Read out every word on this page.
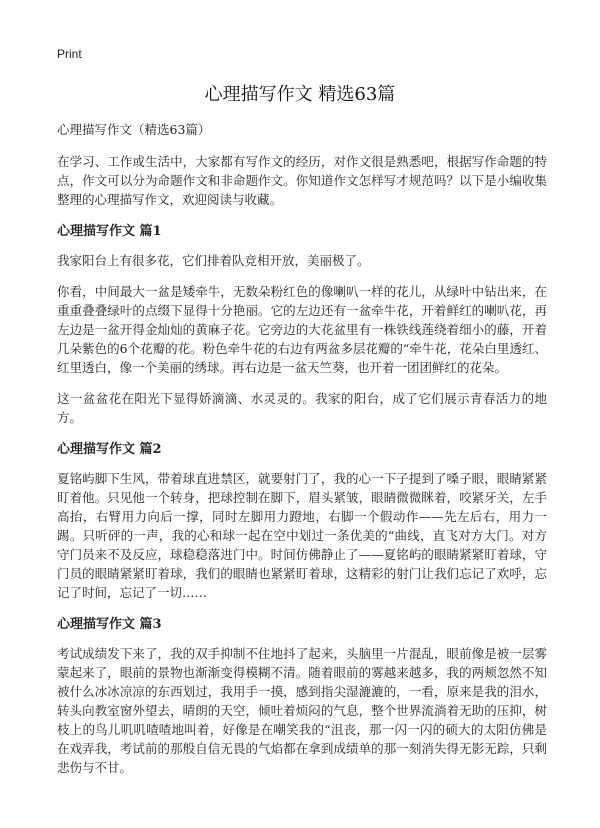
Print
心理描写作文 精选63篇
心理描写作文（精选63篇）

在学习、工作或生活中，大家都有写作文的经历，对作文很是熟悉吧，根据写作命题的特点，作文可以分为命题作文和非命题作文。你知道作文怎样写才规范吗？以下是小编收集整理的心理描写作文，欢迎阅读与收藏。

心理描写作文 篇1

我家阳台上有很多花，它们排着队竞相开放，美丽极了。

你看，中间最大一盆是矮牵牛，无数朵粉红色的像喇叭一样的花儿，从绿叶中钻出来，在重重叠叠绿叶的点缀下显得十分艳丽。它的左边还有一盆牵牛花，开着鲜红的喇叭花，再左边是一盆开得金灿灿的黄麻子花。它旁边的大花盆里有一株铁线莲绕着细小的藤，开着几朵紫色的6个花瓣的花。粉色牵牛花的右边有两盆多层花瓣的“牵牛花，花朵白里透红、红里透白，像一个美丽的绣球。再右边是一盆天竺葵，也开着一团团鲜红的花朵。

这一盆盆花在阳光下显得娇滴滴、水灵灵的。我家的阳台，成了它们展示青春活力的地方。

心理描写作文 篇2

夏铭屿脚下生风，带着球直进禁区，就要射门了，我的心一下子提到了嗓子眼，眼睛紧紧盯着他。只见他一个转身，把球控制在脚下，眉头紧皱，眼睛微微眯着，咬紧牙关，左手高抬，右臂用力向后一撑，同时左脚用力蹬地，右脚一个假动作——先左后右，用力一踢。只听砰的一声，我的心和球一起在空中划过一条优美的“曲线，直飞对方大门。对方守门员来不及反应，球稳稳落进门中。时间仿佛静止了——夏铭屿的眼睛紧紧盯着球，守门员的眼睛紧紧盯着球，我们的眼睛也紧紧盯着球，这精彩的射门让我们忘记了欢呼，忘记了时间，忘记了一切……

心理描写作文 篇3

考试成绩发下来了，我的双手抑制不住地抖了起来，头脑里一片混乱，眼前像是被一层雾蒙起来了，眼前的景物也渐渐变得模糊不清。随着眼前的雾越来越多，我的两颊忽然不知被什么冰冰凉凉的东西划过，我用手一摸，感到指尖湿漉漉的，一看，原来是我的泪水，转头向教室窗外望去，晴朗的天空，倾吐着烦闷的气息，整个世界流淌着无助的压抑，树枝上的鸟儿叽叽喳喳地叫着，好像是在嘲笑我的“沮丧，那一闪一闪的硕大的太阳仿佛是在戏弄我，考试前的那般自信无畏的气焰都在拿到成绩单的那一刻消失得无影无踪，只剩悲伤与不甘。
